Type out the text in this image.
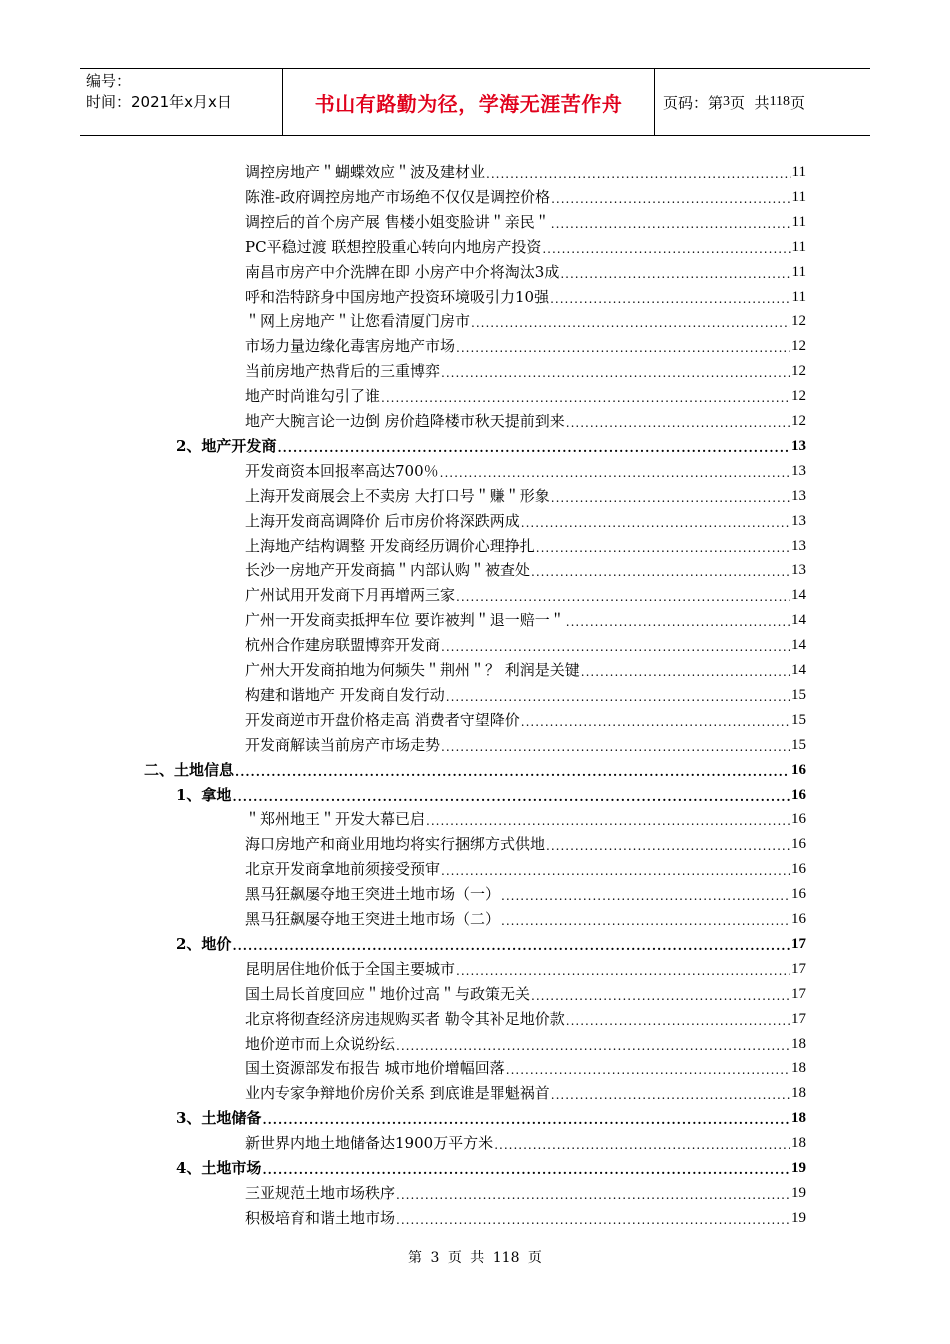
编号：
时间：2021年x月x日	书山有路勤为径，学海无涯苦作舟	页码：第 3 页  共 118 页
调控房地产＂蝴蝶效应＂波及建材业 .....	11
陈淮-政府调控房地产市场绝不仅仅是调控价格 .....	11
调控后的首个房产展 售楼小姐变脸讲＂亲民＂ .....	11
PC平稳过渡 联想控股重心转向内地房产投资 .....	11
南昌市房产中介洗牌在即 小房产中介将淘汰3成 .....	11
呼和浩特跻身中国房地产投资环境吸引力10强 .....	11
＂网上房地产＂让您看清厦门房市 .....	12
市场力量边缘化毒害房地产市场 .....	12
当前房地产热背后的三重博弈 .....	12
地产时尚谁勾引了谁 .....	12
地产大腕言论一边倒 房价趋降楼市秋天提前到来 .....	12
2、地产开发商 .....	13
开发商资本回报率高达700％ .....	13
上海开发商展会上不卖房 大打口号＂赚＂形象 .....	13
上海开发商高调降价 后市房价将深跌两成 .....	13
上海地产结构调整 开发商经历调价心理挣扎 .....	13
长沙一房地产开发商搞＂内部认购＂被查处 .....	13
广州试用开发商下月再增两三家 .....	14
广州一开发商卖抵押车位 要诈被判＂退一赔一＂ .....	14
杭州合作建房联盟博弈开发商 .....	14
广州大开发商拍地为何频失＂荆州＂？ 利润是关键 .....	14
构建和谐地产 开发商自发行动 .....	15
开发商逆市开盘价格走高 消费者守望降价 .....	15
开发商解读当前房产市场走势 .....	15
二、土地信息 .....	16
1、拿地 .....	16
＂郑州地王＂开发大幕已启 .....	16
海口房地产和商业用地均将实行捆绑方式供地 .....	16
北京开发商拿地前须接受预审 .....	16
黑马狂飙屡夺地王突进土地市场（一） .....	16
黑马狂飙屡夺地王突进土地市场（二） .....	16
2、地价 .....	17
昆明居住地价低于全国主要城市 .....	17
国土局长首度回应＂地价过高＂与政策无关 .....	17
北京将彻查经济房违规购买者 勒令其补足地价款 .....	17
地价逆市而上众说纷纭 .....	18
国土资源部发布报告 城市地价增幅回落 .....	18
业内专家争辩地价房价关系 到底谁是罪魁祸首 .....	18
3、土地储备 .....	18
新世界内地土地储备达1900万平方米 .....	18
4、土地市场 .....	19
三亚规范土地市场秩序 .....	19
积极培育和谐土地市场 .....	19
第 3 页 共 118 页
